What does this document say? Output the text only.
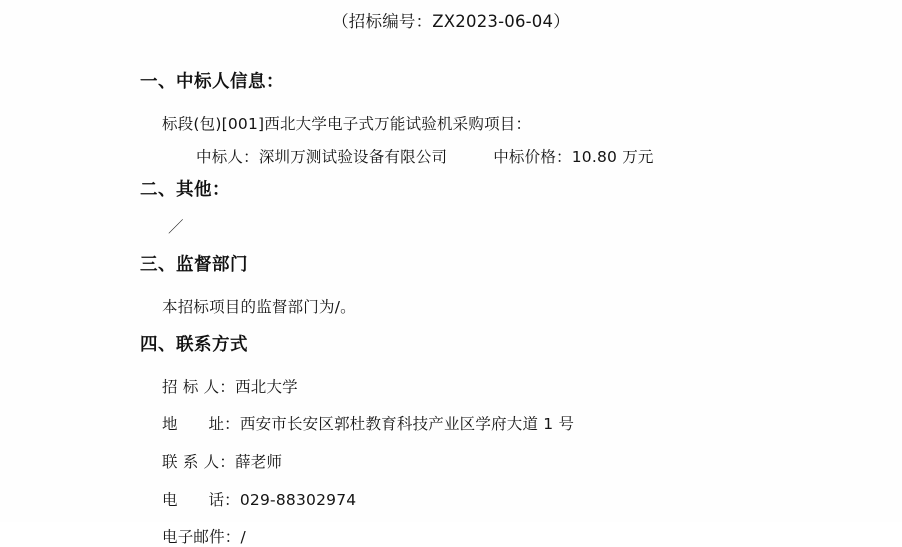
（招标编号：ZX2023-06-04）
一、中标人信息：
标段(包)[001]西北大学电子式万能试验机采购项目：
中标人：深圳万测试验设备有限公司	中标价格：10.80 万元
二、其他：
／
三、监督部门
本招标项目的监督部门为/。
四、联系方式
招 标 人：西北大学
地      址：西安市长安区郭杜教育科技产业区学府大道 1 号
联 系 人：薛老师
电      话：029-88302974
电子邮件：/
